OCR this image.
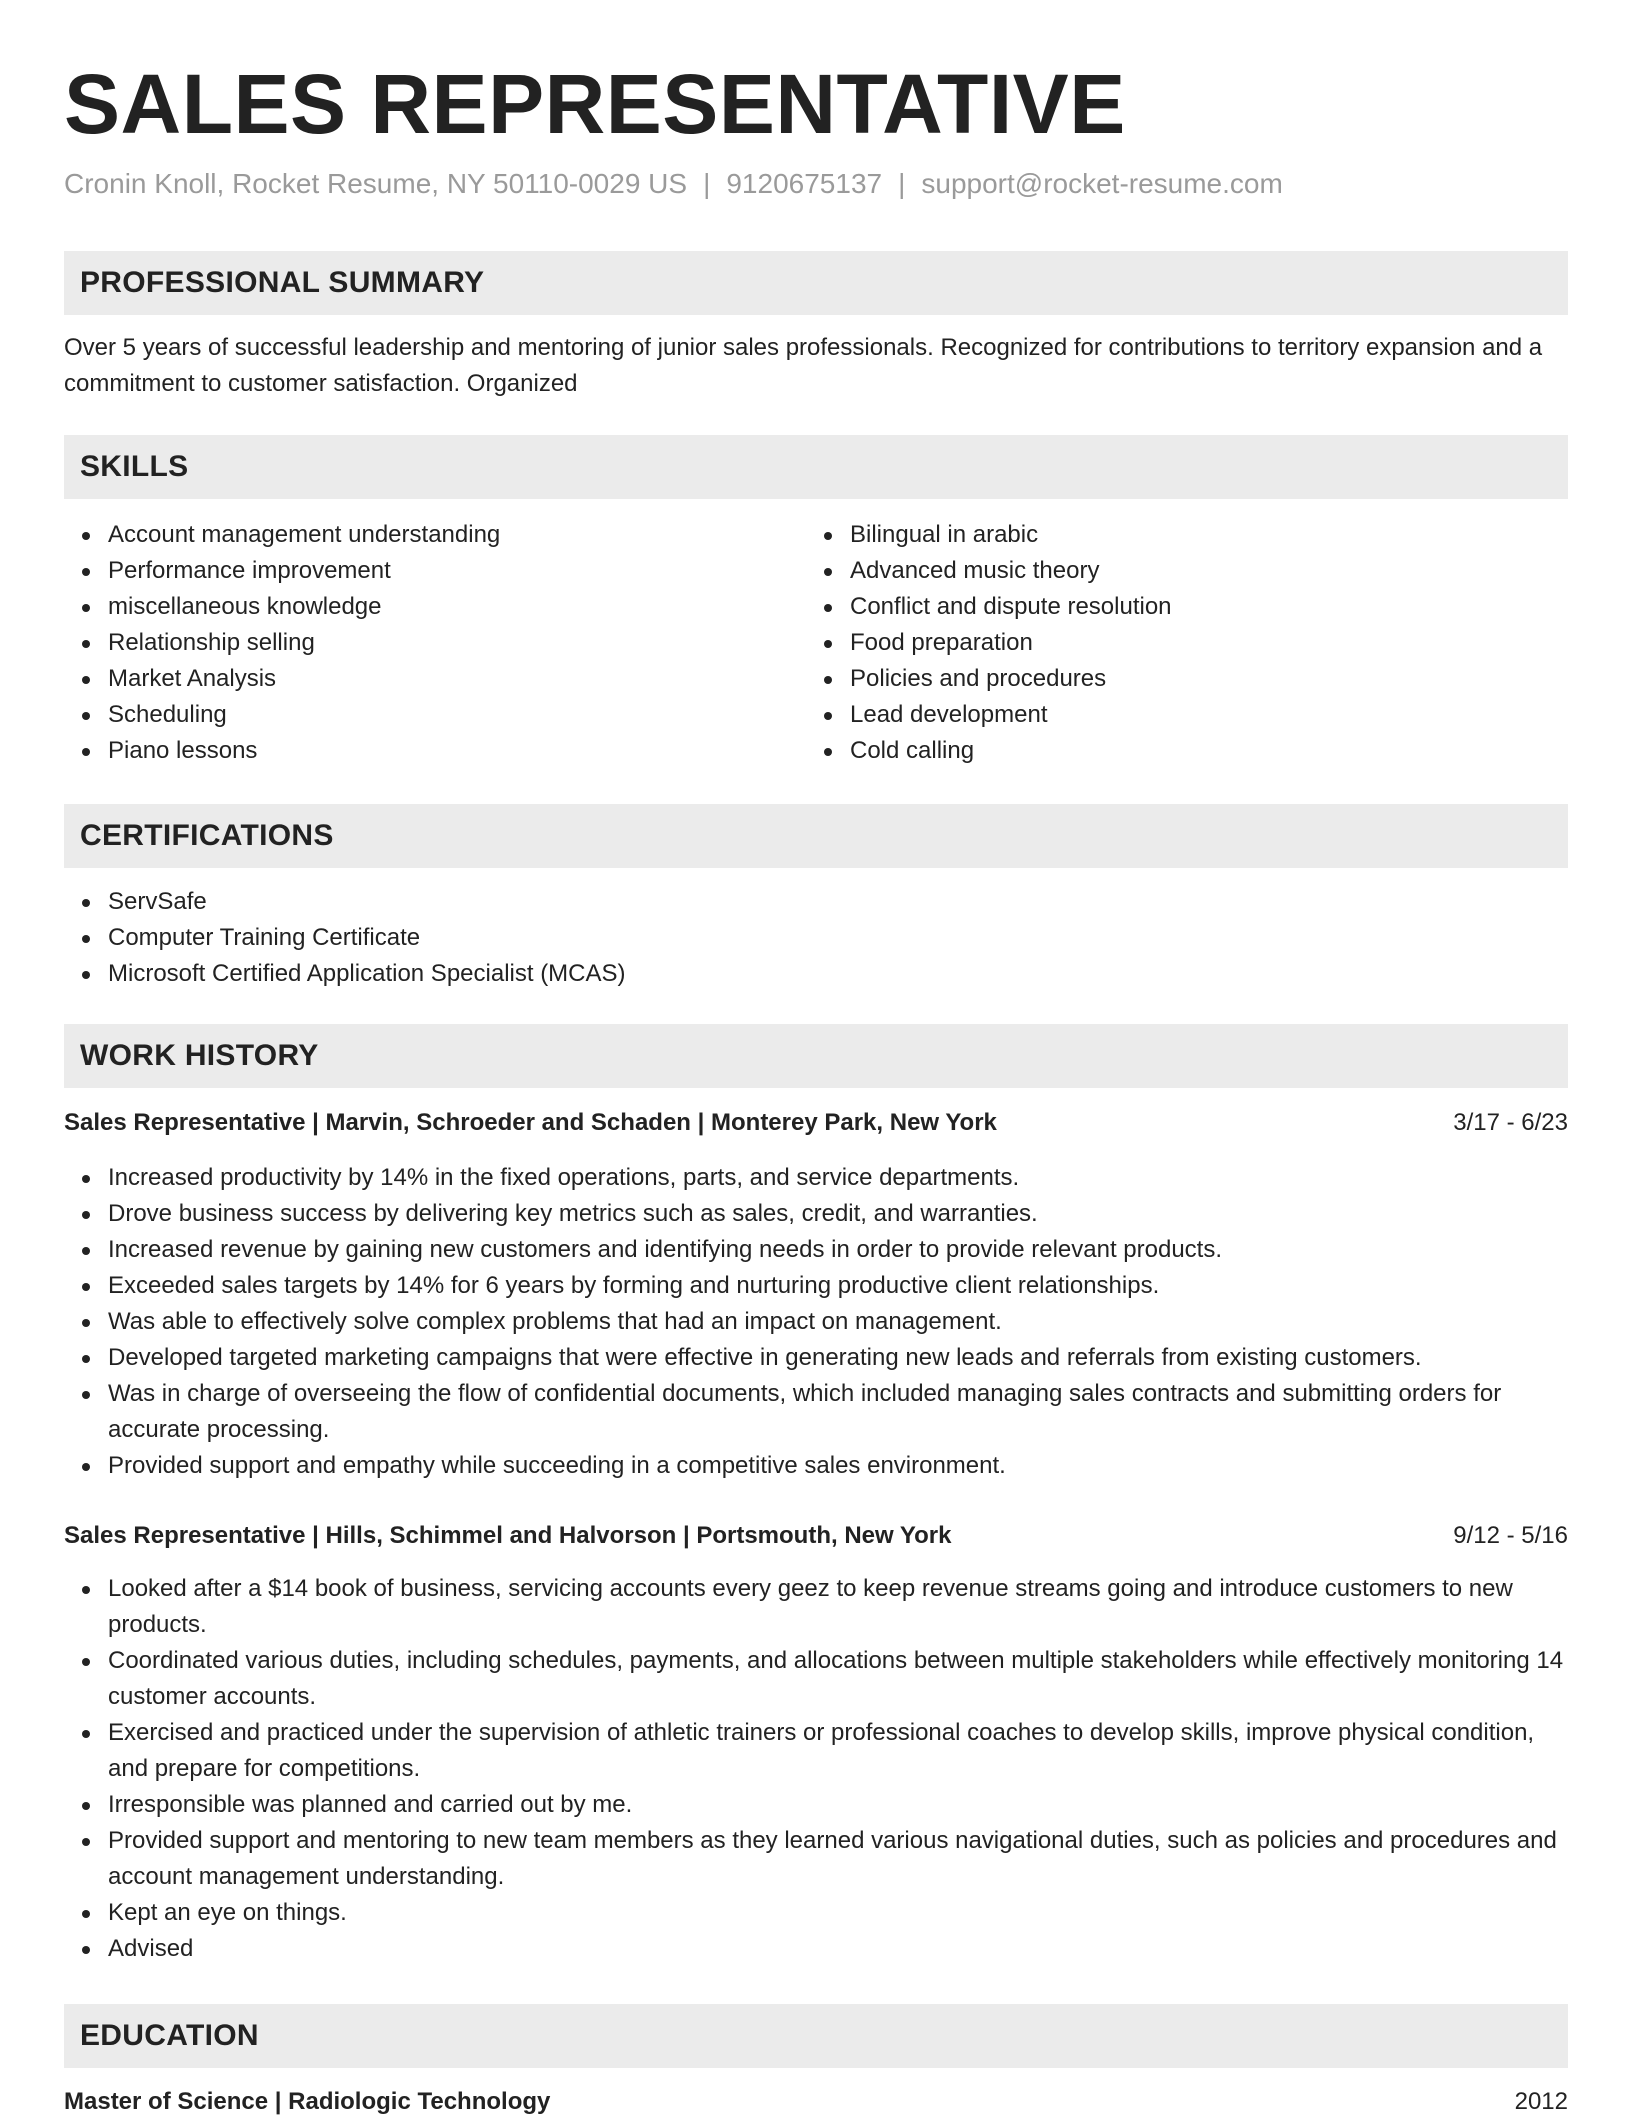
SALES REPRESENTATIVE
Cronin Knoll, Rocket Resume, NY 50110-0029 US | 9120675137 | support@rocket-resume.com
PROFESSIONAL SUMMARY

Over 5 years of successful leadership and mentoring of junior sales professionals. Recognized for contributions to territory expansion and a commitment to customer satisfaction. Organized

SKILLS
Account management understanding
Performance improvement
miscellaneous knowledge
Relationship selling
Market Analysis
Scheduling
Piano lessons
Bilingual in arabic
Advanced music theory
Conflict and dispute resolution
Food preparation
Policies and procedures
Lead development
Cold calling
CERTIFICATIONS
ServSafe
Computer Training Certificate
Microsoft Certified Application Specialist (MCAS)
WORK HISTORY
Sales Representative | Marvin, Schroeder and Schaden | Monterey Park, New York	3/17 - 6/23
Increased productivity by 14% in the fixed operations, parts, and service departments.
Drove business success by delivering key metrics such as sales, credit, and warranties.
Increased revenue by gaining new customers and identifying needs in order to provide relevant products.
Exceeded sales targets by 14% for 6 years by forming and nurturing productive client relationships.
Was able to effectively solve complex problems that had an impact on management.
Developed targeted marketing campaigns that were effective in generating new leads and referrals from existing customers.
Was in charge of overseeing the flow of confidential documents, which included managing sales contracts and submitting orders for accurate processing.
Provided support and empathy while succeeding in a competitive sales environment.
Sales Representative | Hills, Schimmel and Halvorson | Portsmouth, New York	9/12 - 5/16
Looked after a $14 book of business, servicing accounts every geez to keep revenue streams going and introduce customers to new products.
Coordinated various duties, including schedules, payments, and allocations between multiple stakeholders while effectively monitoring 14 customer accounts.
Exercised and practiced under the supervision of athletic trainers or professional coaches to develop skills, improve physical condition, and prepare for competitions.
Irresponsible was planned and carried out by me.
Provided support and mentoring to new team members as they learned various navigational duties, such as policies and procedures and account management understanding.
Kept an eye on things.
Advised
EDUCATION
Master of Science | Radiologic Technology	2012
